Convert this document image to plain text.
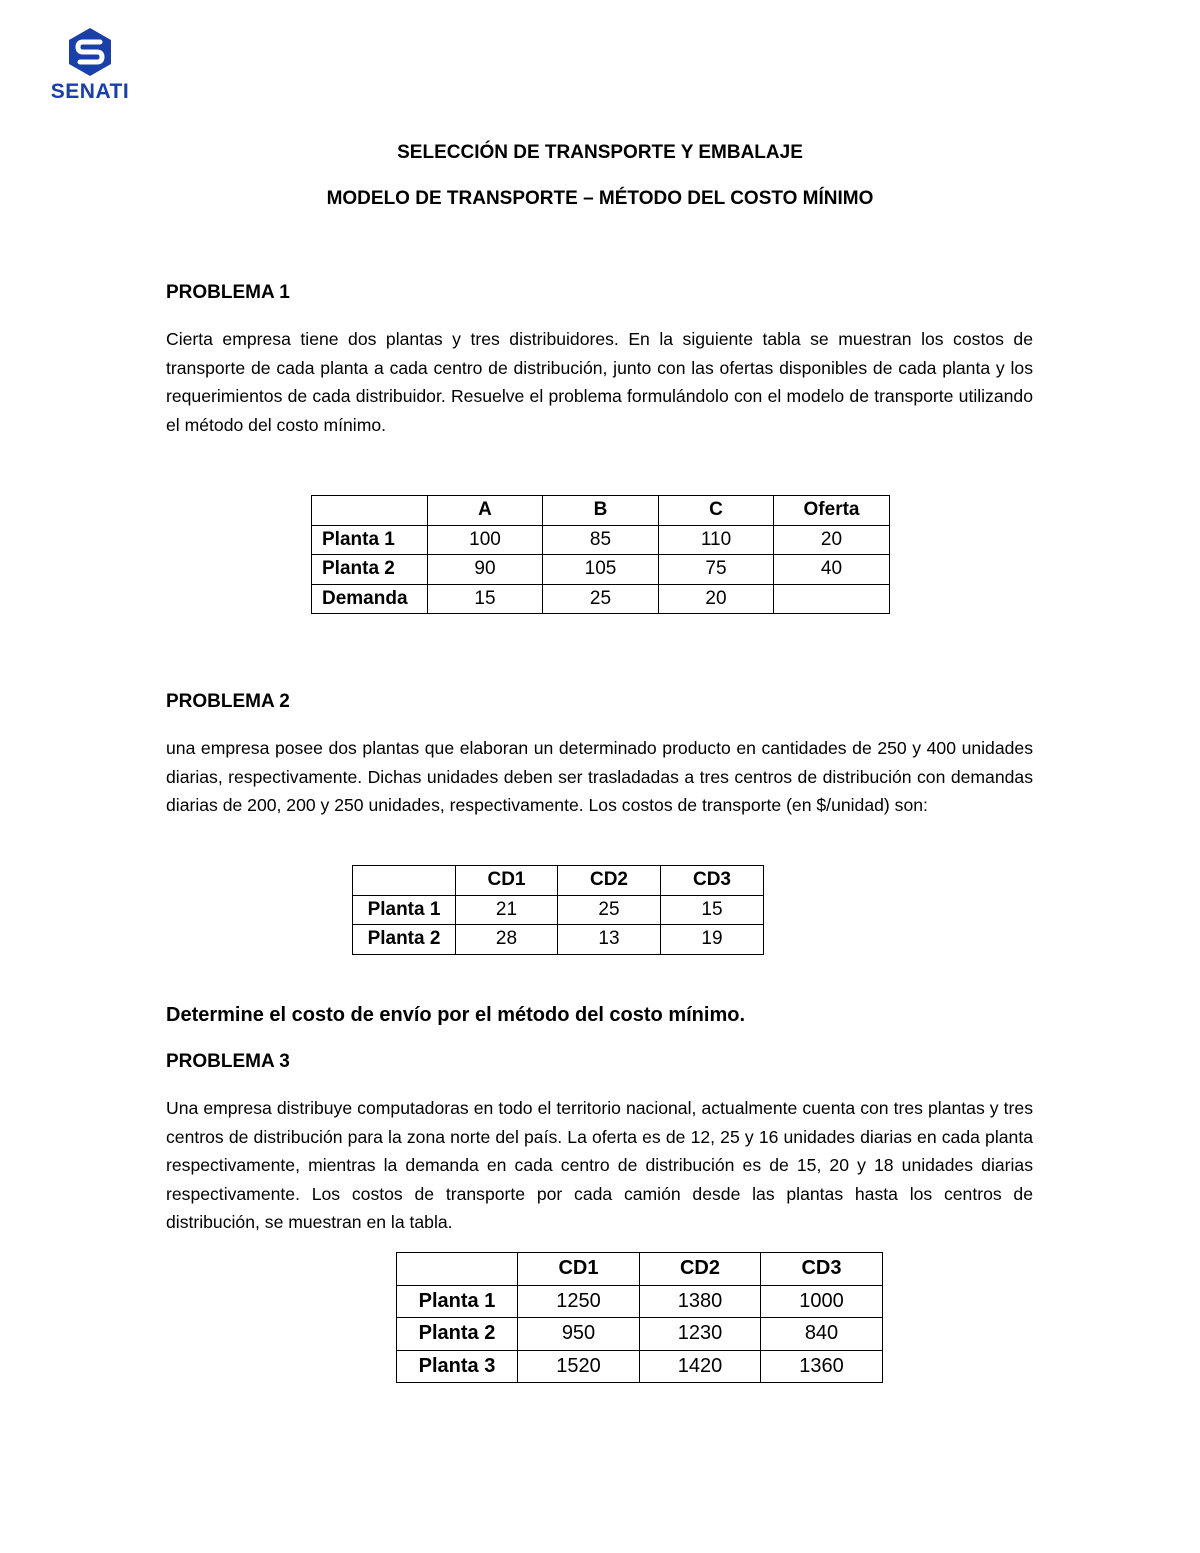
SENATI
SELECCIÓN DE TRANSPORTE Y EMBALAJE
MODELO DE TRANSPORTE – MÉTODO DEL COSTO MÍNIMO
PROBLEMA 1

Cierta empresa tiene dos plantas y tres distribuidores. En la siguiente tabla se muestran los costos de transporte de cada planta a cada centro de distribución, junto con las ofertas disponibles de cada planta y los requerimientos de cada distribuidor. Resuelve el problema formulándolo con el modelo de transporte utilizando el método del costo mínimo.

	A	B	C	Oferta
Planta 1	100	85	110	20
Planta 2	90	105	75	40
Demanda	15	25	20	
PROBLEMA 2

una empresa posee dos plantas que elaboran un determinado producto en cantidades de 250 y 400 unidades diarias, respectivamente. Dichas unidades deben ser trasladadas a tres centros de distribución con demandas diarias de 200, 200 y 250 unidades, respectivamente. Los costos de transporte (en $/unidad) son:

	CD1	CD2	CD3
Planta 1	21	25	15
Planta 2	28	13	19
Determine el costo de envío por el método del costo mínimo.
PROBLEMA 3

Una empresa distribuye computadoras en todo el territorio nacional, actualmente cuenta con tres plantas y tres centros de distribución para la zona norte del país. La oferta es de 12, 25 y 16 unidades diarias en cada planta respectivamente, mientras la demanda en cada centro de distribución es de 15, 20 y 18 unidades diarias respectivamente. Los costos de transporte por cada camión desde las plantas hasta los centros de distribución, se muestran en la tabla.

	CD1	CD2	CD3
Planta 1	1250	1380	1000
Planta 2	950	1230	840
Planta 3	1520	1420	1360
